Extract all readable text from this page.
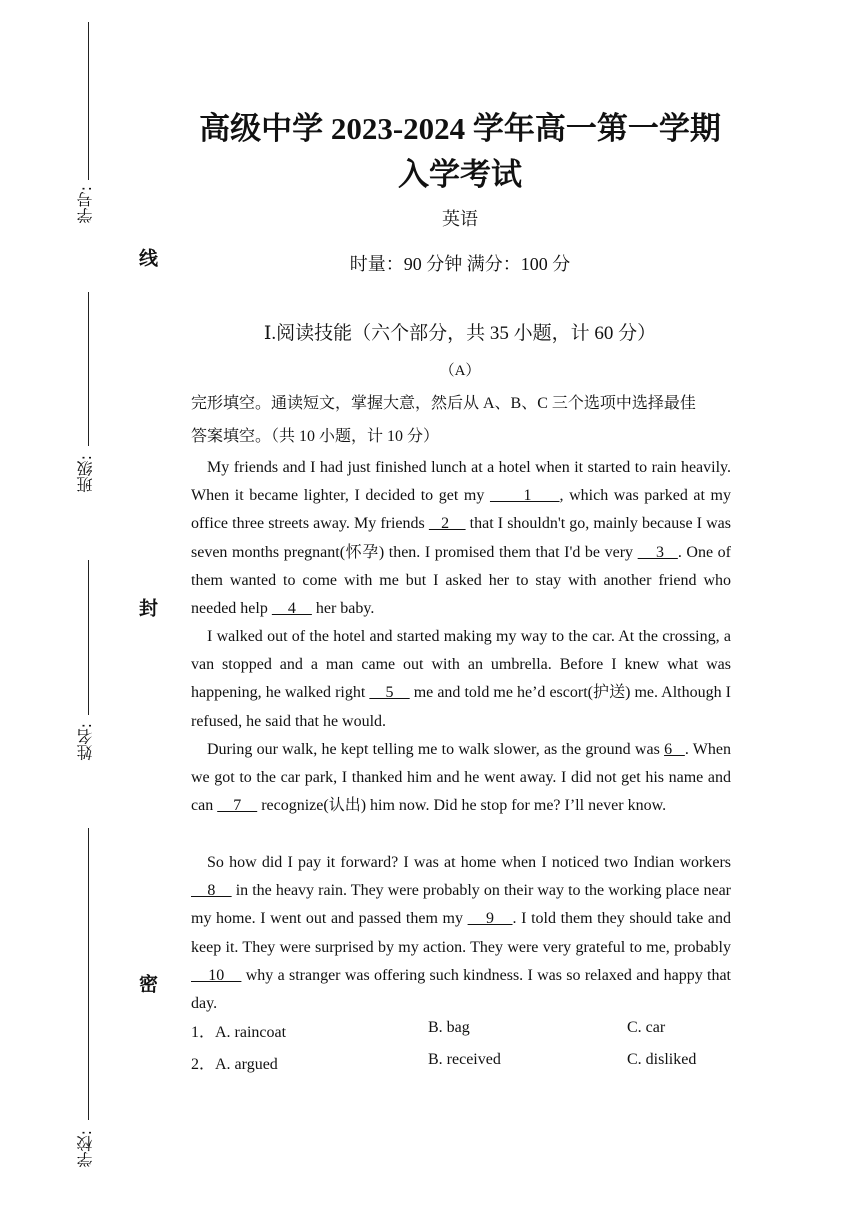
学号:
班级:
姓名:
学校:
线
封
密
高级中学 2023-2024 学年高一第一学期
入学考试
英语
时量：90 分钟 满分：100 分
Ⅰ.阅读技能（六个部分，共 35 小题，计 60 分）
（A）
完形填空。通读短文，掌握大意，然后从 A、B、C 三个选项中选择最佳
答案填空。（共 10 小题，计 10 分）

My friends and I had just finished lunch at a hotel when it started to rain heavily. When it became lighter, I decided to get my       1     , which was parked at my office three streets away. My friends    2     that I shouldn't go, mainly because I was seven months pregnant(怀孕) then. I promised them that I'd be very     3   . One of them wanted to come with me but I asked her to stay with another friend who needed help     4     her baby.

I walked out of the hotel and started making my way to the car. At the crossing, a van stopped and a man came out with an umbrella. Before I knew what was happening, he walked right     5     me and told me he’d escort(护送) me. Although I refused, he said that he would.

During our walk, he kept telling me to walk slower, as the ground was 6   . When we got to the car park, I thanked him and he went away. I did not get his name and can     7     recognize(认出) him now. Did he stop for me? I’ll never know.

So how did I pay it forward? I was at home when I noticed two Indian workers     8     in the heavy rain. They were probably on their way to the working place near my home. I went out and passed them my     9    . I told them they should take and keep it. They were surprised by my action. They were very grateful to me, probably     10     why a stranger was offering such kindness. I was so relaxed and happy that day.

1．A. raincoat	B. bag	C. car
2．A. argued	B. received	C. disliked
